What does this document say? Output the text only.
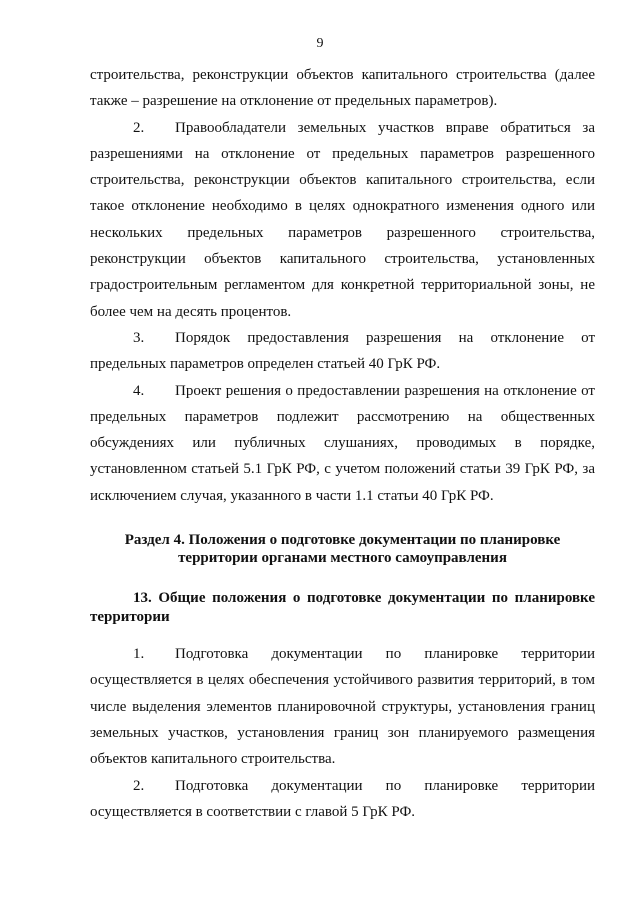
9

строительства, реконструкции объектов капитального строительства (далее также – разрешение на отклонение от предельных параметров).

2. Правообладатели земельных участков вправе обратиться за разрешениями на отклонение от предельных параметров разрешенного строительства, реконструкции объектов капитального строительства, если такое отклонение необходимо в целях однократного изменения одного или нескольких предельных параметров разрешенного строительства, реконструкции объектов капитального строительства, установленных градостроительным регламентом для конкретной территориальной зоны, не более чем на десять процентов.

3. Порядок предоставления разрешения на отклонение от предельных параметров определен статьей 40 ГрК РФ.

4. Проект решения о предоставлении разрешения на отклонение от предельных параметров подлежит рассмотрению на общественных обсуждениях или публичных слушаниях, проводимых в порядке, установленном статьей 5.1 ГрК РФ, с учетом положений статьи 39 ГрК РФ, за исключением случая, указанного в части 1.1 статьи 40 ГрК РФ.

Раздел 4. Положения о подготовке документации по планировке
территории органами местного самоуправления
13. Общие положения о подготовке документации по планировке территории

1. Подготовка документации по планировке территории осуществляется в целях обеспечения устойчивого развития территорий, в том числе выделения элементов планировочной структуры, установления границ земельных участков, установления границ зон планируемого размещения объектов капитального строительства.

2. Подготовка документации по планировке территории осуществляется в соответствии с главой 5 ГрК РФ.
